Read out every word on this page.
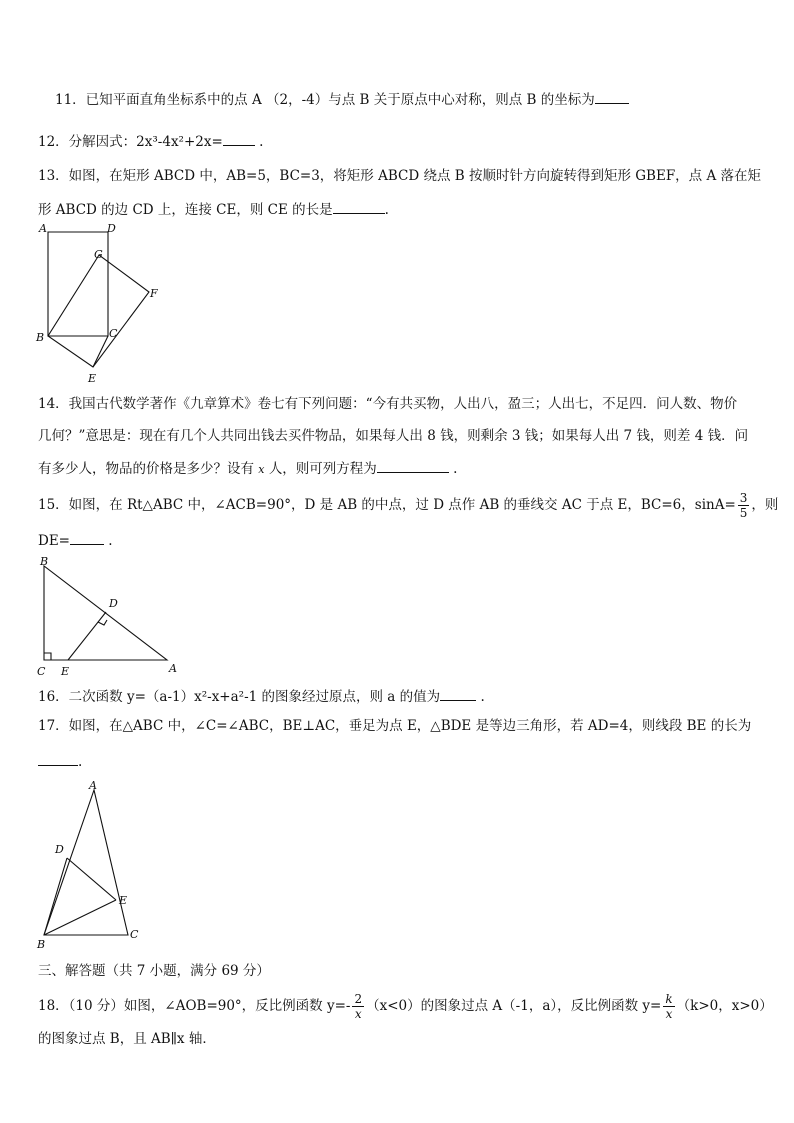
11．已知平面直角坐标系中的点 A （2，-4）与点 B 关于原点中心对称，则点 B 的坐标为
12．分解因式：2x³-4x²+2x=	.
13．如图，在矩形 ABCD 中，AB=5，BC=3，将矩形 ABCD 绕点 B 按顺时针方向旋转得到矩形 GBEF，点 A 落在矩
形 ABCD 的边 CD 上，连接 CE，则 CE 的长是	.
A	D
G
F
B	C
E
14．我国古代数学著作《九章算术》卷七有下列问题：“今有共买物，人出八，盈三；人出七，不足四．问人数、物价
几何？”意思是：现在有几个人共同出钱去买件物品，如果每人出 8 钱，则剩余 3 钱；如果每人出 7 钱，则差 4 钱．问
有多少人，物品的价格是多少？设有 x 人，则可列方程为	.
15．如图，在 Rt△ABC 中，∠ACB=90°，D 是 AB 的中点，过 D 点作 AB 的垂线交 AC 于点 E，BC=6，$\sin A= \frac{3}{5}$ ，则
DE=	.
B
D
C E	A
16．二次函数 y=（a-1）x²-x+a²-1 的图象经过原点，则 a 的值为	.
17．如图，在△ABC 中，∠C=∠ABC，BE⊥AC，垂足为点 E，△BDE 是等边三角形，若 AD=4，则线段 BE 的长为
.
A
D
E
B
C
三、解答题（共 7 小题，满分 69 分）
18．（10 分）如图，∠AOB=90°，反比例函数 $y=- \frac{2}{x} (x<0)$的图象过点 A（-1，a），反比例函数 $y= \frac{k}{x} (k>0$，x>0）
的图象过点 B，且 AB∥x 轴．
